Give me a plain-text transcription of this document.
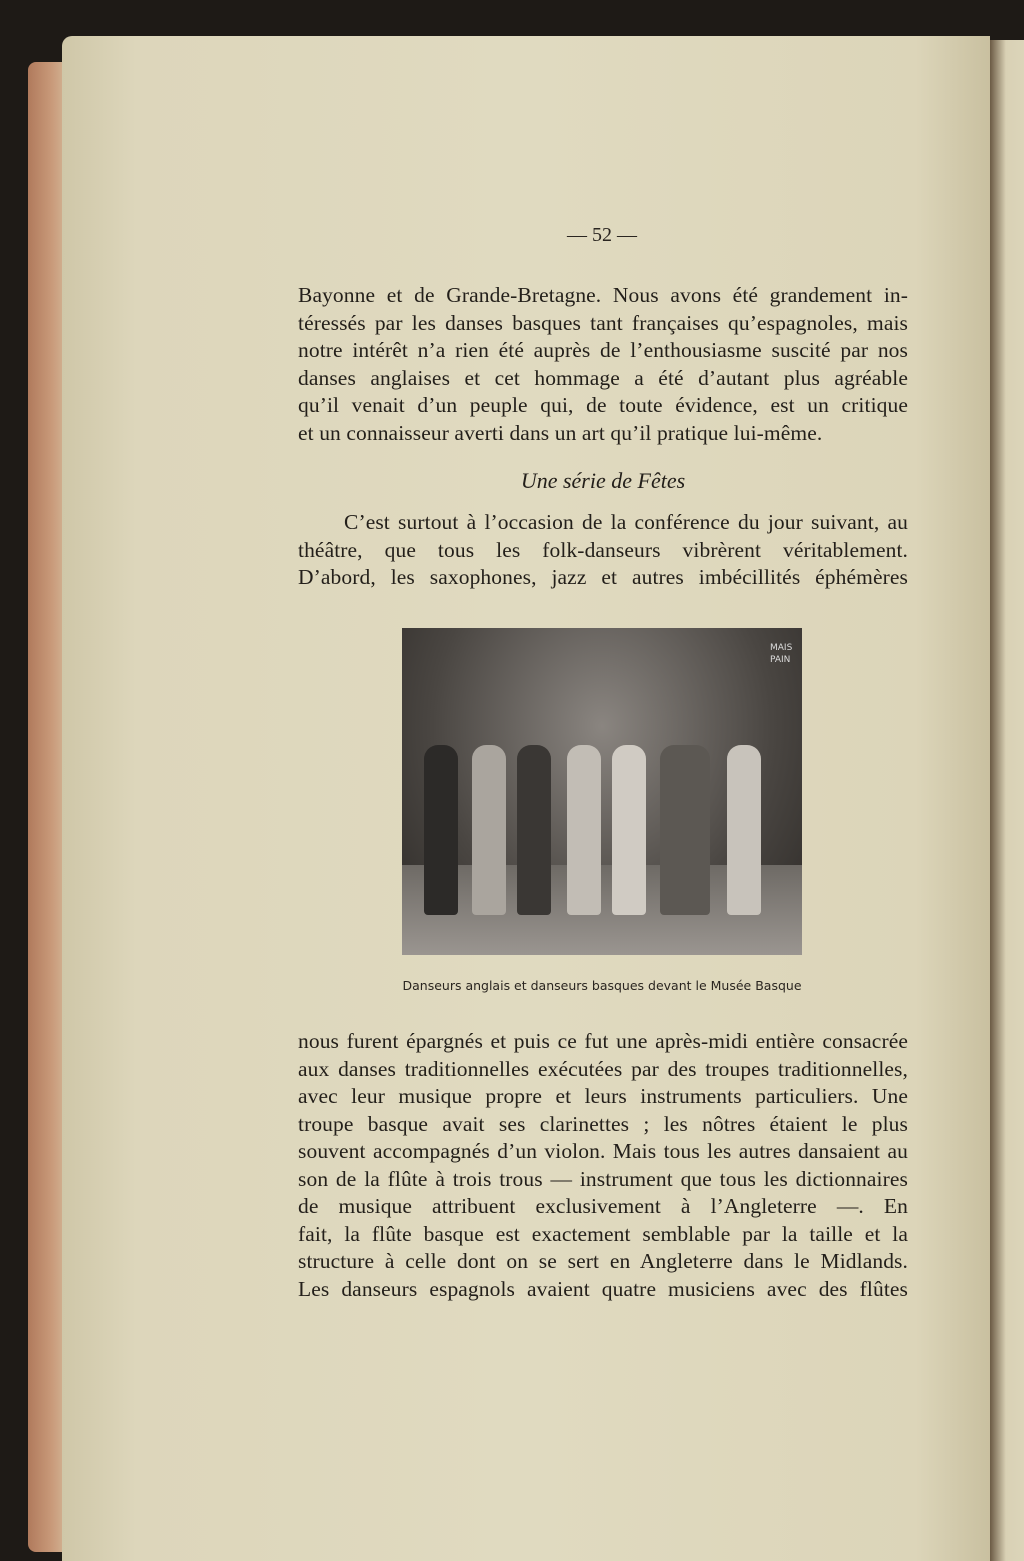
— 52 —
Bayonne et de Grande-Bretagne. Nous avons été grandement in-
téressés par les danses basques tant françaises qu’espagnoles, mais
notre intérêt n’a rien été auprès de l’enthousiasme suscité par nos
danses anglaises et cet hommage a été d’autant plus agréable
qu’il venait d’un peuple qui, de toute évidence, est un critique
et un connaisseur averti dans un art qu’il pratique lui-même.
Une série de Fêtes
C’est surtout à l’occasion de la conférence du jour suivant, au
théâtre, que tous les folk-danseurs vibrèrent véritablement.
D’abord, les saxophones, jazz et autres imbécillités éphémères
MAIS PAIN
Danseurs anglais et danseurs basques devant le Musée Basque
nous furent épargnés et puis ce fut une après-midi entière consacrée
aux danses traditionnelles exécutées par des troupes traditionnelles,
avec leur musique propre et leurs instruments particuliers. Une
troupe basque avait ses clarinettes ; les nôtres étaient le plus
souvent accompagnés d’un violon. Mais tous les autres dansaient au
son de la flûte à trois trous — instrument que tous les dictionnaires
de musique attribuent exclusivement à l’Angleterre —. En
fait, la flûte basque est exactement semblable par la taille et la
structure à celle dont on se sert en Angleterre dans le Midlands.
Les danseurs espagnols avaient quatre musiciens avec des flûtes
